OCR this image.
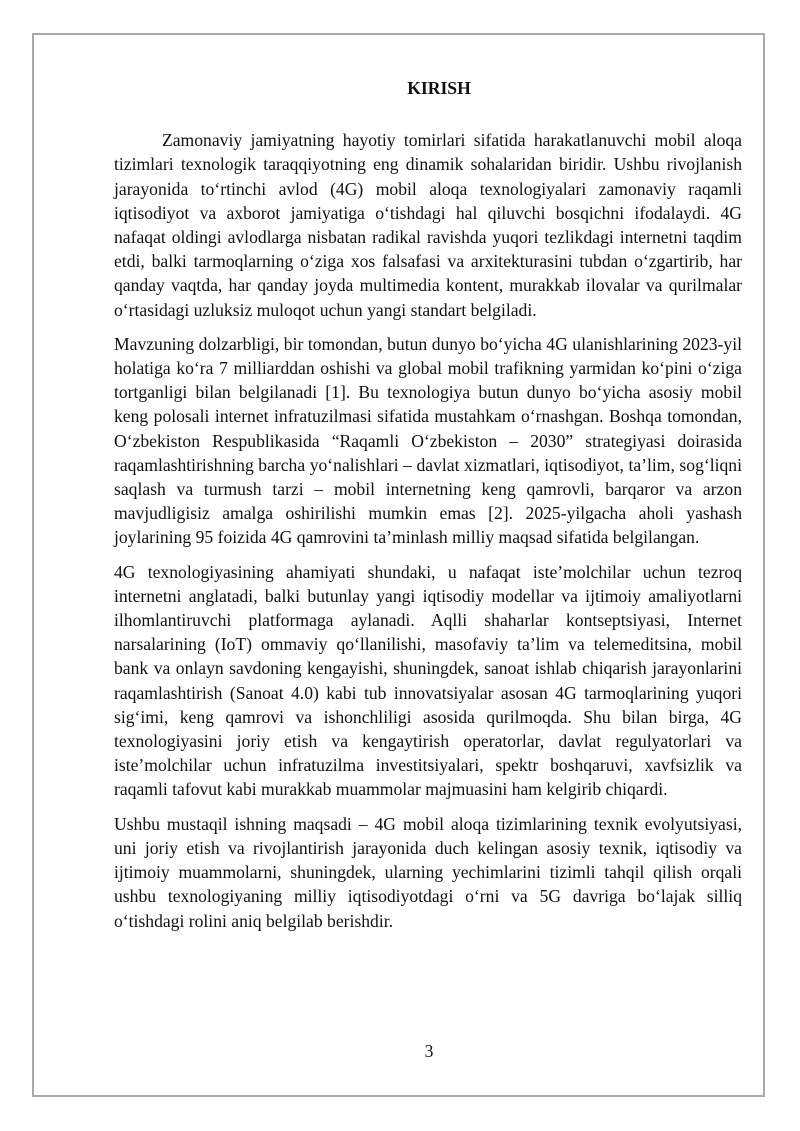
KIRISH

Zamonaviy jamiyatning hayotiy tomirlari sifatida harakatlanuvchi mobil aloqa tizimlari texnologik taraqqiyotning eng dinamik sohalaridan biridir. Ushbu rivojlanish jarayonida to‘rtinchi avlod (4G) mobil aloqa texnologiyalari zamonaviy raqamli iqtisodiyot va axborot jamiyatiga o‘tishdagi hal qiluvchi bosqichni ifodalaydi. 4G nafaqat oldingi avlodlarga nisbatan radikal ravishda yuqori tezlikdagi internetni taqdim etdi, balki tarmoqlarning o‘ziga xos falsafasi va arxitekturasini tubdan o‘zgartirib, har qanday vaqtda, har qanday joyda multimedia kontent, murakkab ilovalar va qurilmalar o‘rtasidagi uzluksiz muloqot uchun yangi standart belgiladi.

Mavzuning dolzarbligi, bir tomondan, butun dunyo bo‘yicha 4G ulanishlarining 2023-yil holatiga ko‘ra 7 milliarddan oshishi va global mobil trafikning yarmidan ko‘pini o‘ziga tortganligi bilan belgilanadi [1]. Bu texnologiya butun dunyo bo‘yicha asosiy mobil keng polosali internet infratuzilmasi sifatida mustahkam o‘rnashgan. Boshqa tomondan, O‘zbekiston Respublikasida “Raqamli O‘zbekiston – 2030” strategiyasi doirasida raqamlashtirishning barcha yo‘nalishlari – davlat xizmatlari, iqtisodiyot, ta’lim, sog‘liqni saqlash va turmush tarzi – mobil internetning keng qamrovli, barqaror va arzon mavjudligisiz amalga oshirilishi mumkin emas [2]. 2025-yilgacha aholi yashash joylarining 95 foizida 4G qamrovini ta’minlash milliy maqsad sifatida belgilangan.

4G texnologiyasining ahamiyati shundaki, u nafaqat iste’molchilar uchun tezroq internetni anglatadi, balki butunlay yangi iqtisodiy modellar va ijtimoiy amaliyotlarni ilhomlantiruvchi platformaga aylanadi. Aqlli shaharlar kontseptsiyasi, Internet narsalarining (IoT) ommaviy qo‘llanilishi, masofaviy ta’lim va telemeditsina, mobil bank va onlayn savdoning kengayishi, shuningdek, sanoat ishlab chiqarish jarayonlarini raqamlashtirish (Sanoat 4.0) kabi tub innovatsiyalar asosan 4G tarmoqlarining yuqori sig‘imi, keng qamrovi va ishonchliligi asosida qurilmoqda. Shu bilan birga, 4G texnologiyasini joriy etish va kengaytirish operatorlar, davlat regulyatorlari va iste’molchilar uchun infratuzilma investitsiyalari, spektr boshqaruvi, xavfsizlik va raqamli tafovut kabi murakkab muammolar majmuasini ham kelgirib chiqardi.

Ushbu mustaqil ishning maqsadi – 4G mobil aloqa tizimlarining texnik evolyutsiyasi, uni joriy etish va rivojlantirish jarayonida duch kelingan asosiy texnik, iqtisodiy va ijtimoiy muammolarni, shuningdek, ularning yechimlarini tizimli tahqil qilish orqali ushbu texnologiyaning milliy iqtisodiyotdagi o‘rni va 5G davriga bo‘lajak silliq o‘tishdagi rolini aniq belgilab berishdir.

3
